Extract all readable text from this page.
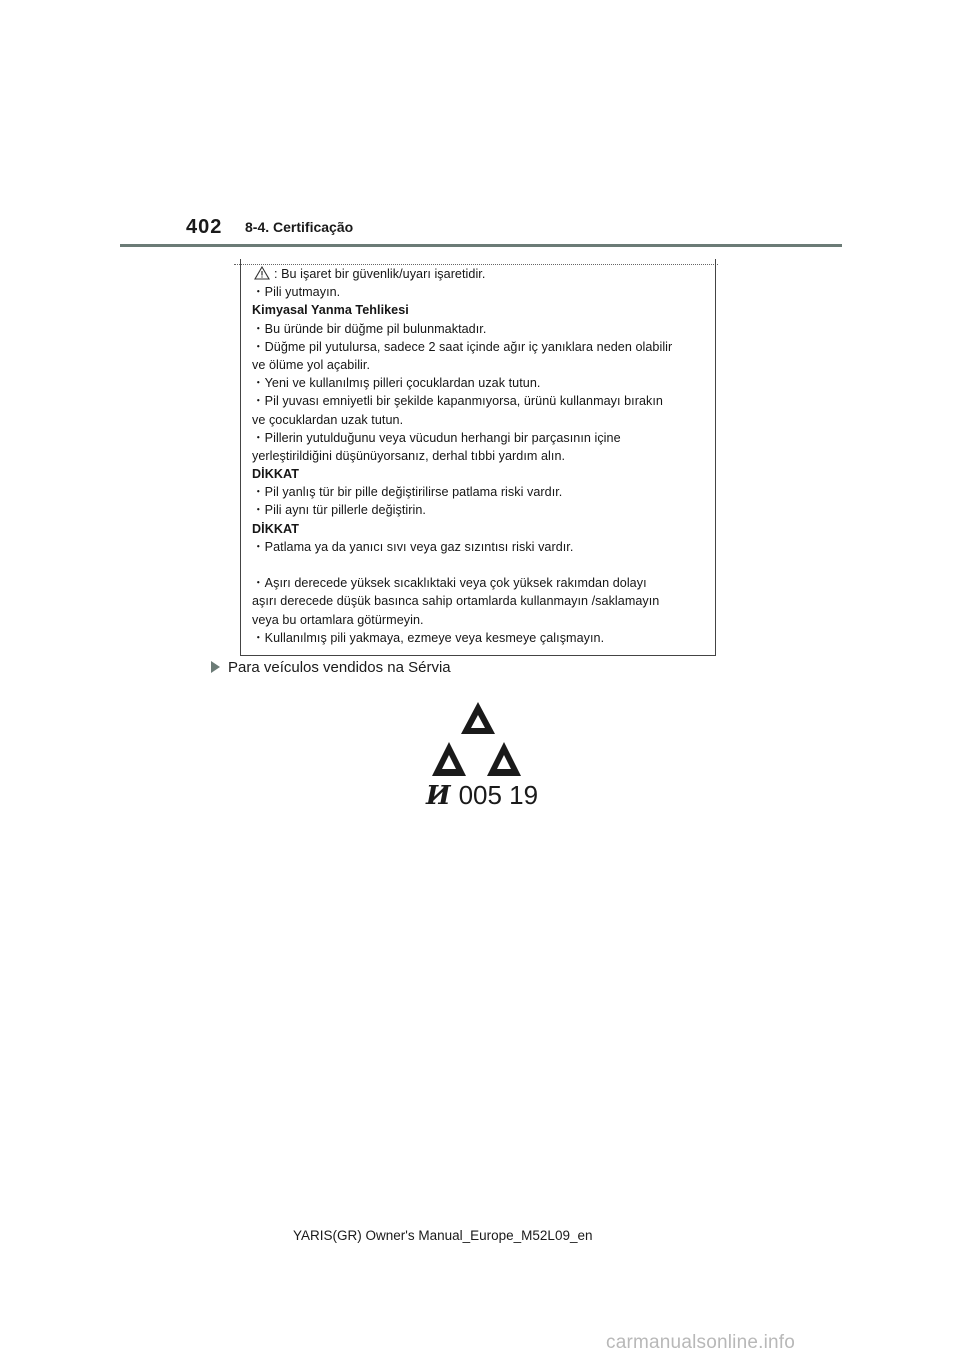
402 8-4. Certificação
: Bu işaret bir güvenlik/uyarı işaretidir.
・Pili yutmayın.
Kimyasal Yanma Tehlikesi
・Bu üründe bir düğme pil bulunmaktadır.
・Düğme pil yutulursa, sadece 2 saat içinde ağır iç yanıklara neden olabilir
ve ölüme yol açabilir.
・Yeni ve kullanılmış pilleri çocuklardan uzak tutun.
・Pil yuvası emniyetli bir şekilde kapanmıyorsa, ürünü kullanmayı bırakın
ve çocuklardan uzak tutun.
・Pillerin yutulduğunu veya vücudun herhangi bir parçasının içine
yerleştirildiğini düşünüyorsanız, derhal tıbbi yardım alın.
DİKKAT
・Pil yanlış tür bir pille değiştirilirse patlama riski vardır.
・Pili aynı tür pillerle değiştirin.
DİKKAT
・Patlama ya da yanıcı sıvı veya gaz sızıntısı riski vardır.
・Aşırı derecede yüksek sıcaklıktaki veya çok yüksek rakımdan dolayı
aşırı derecede düşük basınca sahip ortamlarda kullanmayın /saklamayın
veya bu ortamlara götürmeyin.
・Kullanılmış pili yakmaya, ezmeye veya kesmeye çalışmayın.
Para veículos vendidos na Sérvia
И 005 19
YARIS(GR) Owner's Manual_Europe_M52L09_en
carmanualsonline.info
